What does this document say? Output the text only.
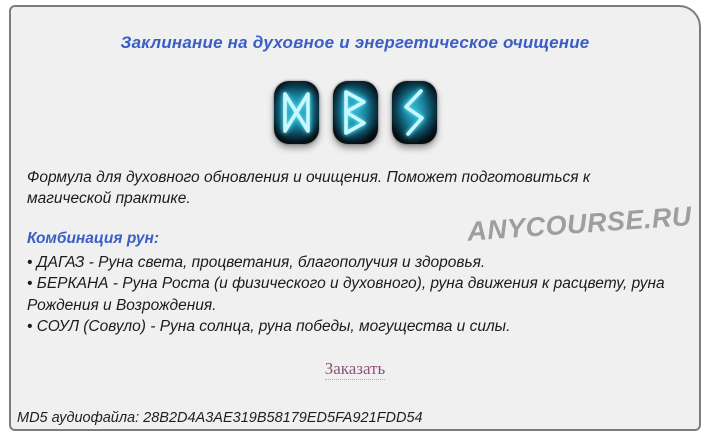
Заклинание на духовное и энергетическое очищение
Формула для духовного обновления и очищения. Поможет подготовиться к магической практике.
ANYCOURSE.RU
Комбинация рун:
• ДАГАЗ - Руна света, процветания, благополучия и здоровья.
• БЕРКАНА - Руна Роста (и физического и духовного), руна движения к расцвету, руна Рождения и Возрождения.
• СОУЛ (Совуло) - Руна солнца, руна победы, могущества и силы.
Заказать
MD5 аудиофайла: 28B2D4A3AE319B58179ED5FA921FDD54
